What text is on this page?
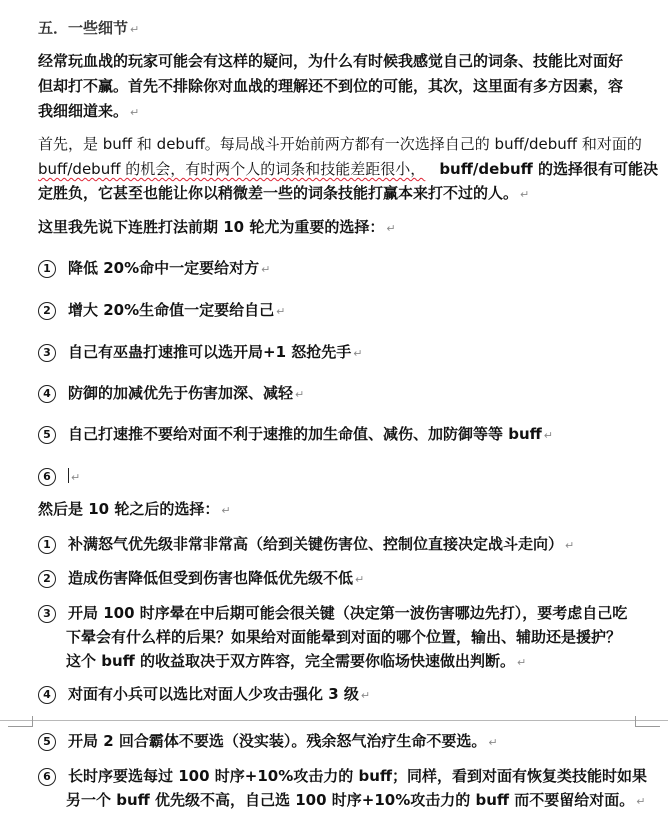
五．一些细节 ↵
经常玩血战的玩家可能会有这样的疑问，为什么有时候我感觉自己的词条、技能比对面好
但却打不赢。首先不排除你对血战的理解还不到位的可能，其次，这里面有多方因素，容
我细细道来。 ↵
首先，是 buff 和 debuff。每局战斗开始前两方都有一次选择自己的 buff/debuff 和对面的
buff/debuff 的机会，有时两个人的词条和技能差距很小， buff/debuff 的选择很有可能决
定胜负，它甚至也能让你以稍微差一些的词条技能打赢本来打不过的人。 ↵
这里我先说下连胜打法前期 10 轮尤为重要的选择： ↵
1 降低 20%命中一定要给对方 ↵
2 增大 20%生命值一定要给自己 ↵
3 自己有巫蛊打速推可以选开局+1 怒抢先手 ↵
4 防御的加减优先于伤害加深、减轻 ↵
5 自己打速推不要给对面不利于速推的加生命值、减伤、加防御等等 buff ↵
6 ↵
然后是 10 轮之后的选择： ↵
1 补满怒气优先级非常非常高（给到关键伤害位、控制位直接决定战斗走向） ↵
2 造成伤害降低但受到伤害也降低优先级不低 ↵
3 开局 100 时序晕在中后期可能会很关键（决定第一波伤害哪边先打），要考虑自己吃
下晕会有什么样的后果？如果给对面能晕到对面的哪个位置，输出、辅助还是援护？
这个 buff 的收益取决于双方阵容，完全需要你临场快速做出判断。 ↵
4 对面有小兵可以选比对面人少攻击强化 3 级 ↵
5 开局 2 回合霸体不要选（没实装）。残余怒气治疗生命不要选。 ↵
6 长时序要选每过 100 时序+10%攻击力的 buff；同样，看到对面有恢复类技能时如果
另一个 buff 优先级不高，自己选 100 时序+10%攻击力的 buff 而不要留给对面。 ↵
